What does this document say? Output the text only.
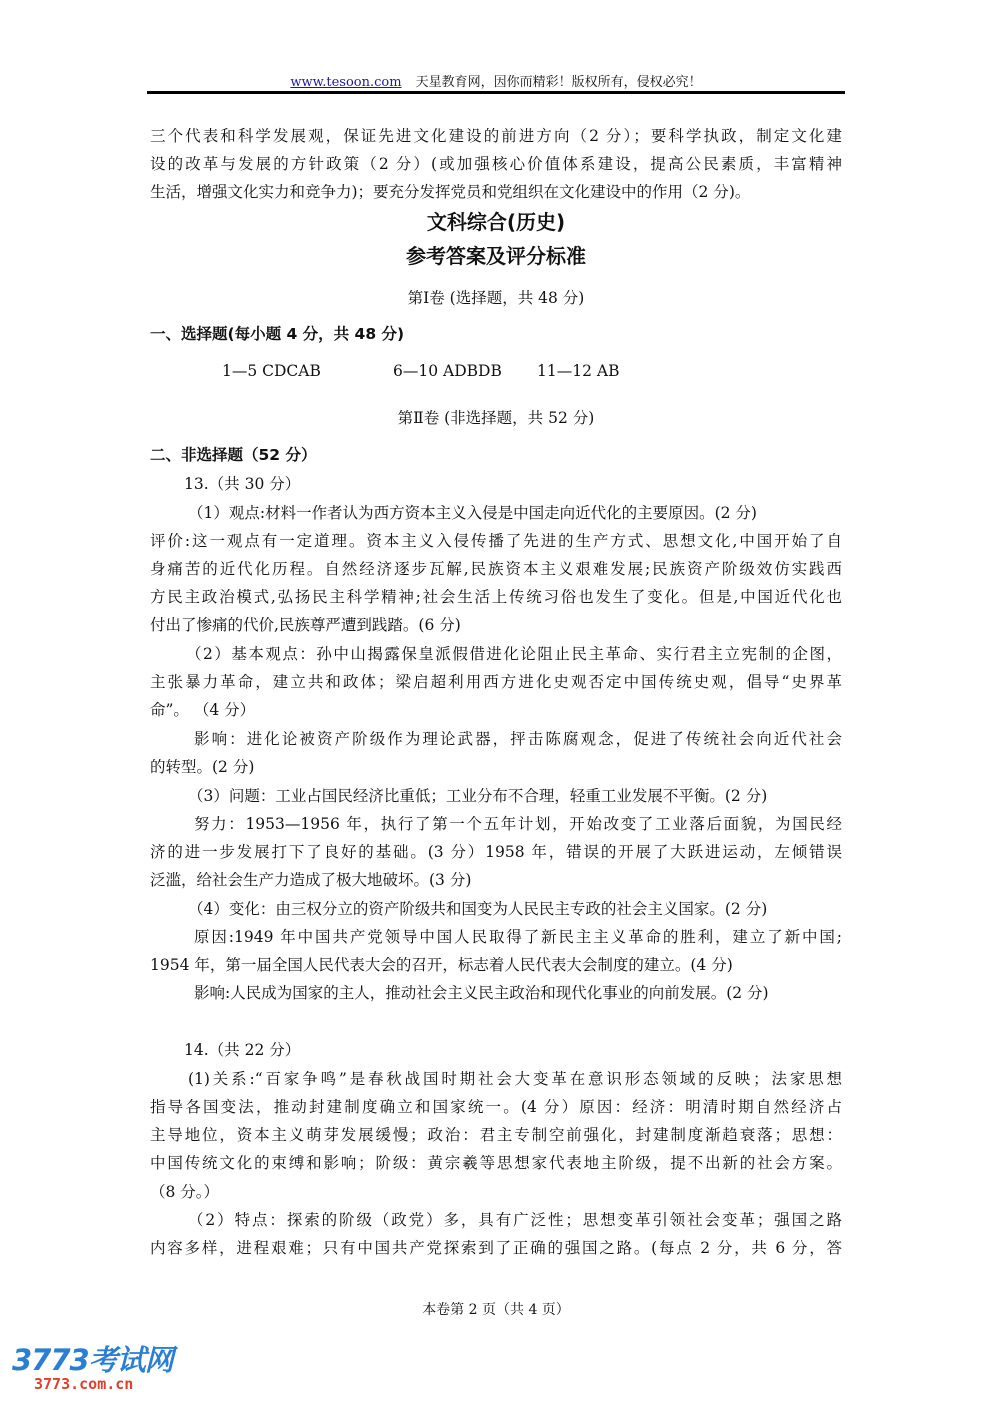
www.tesoon.com 天星教育网，因你而精彩！版权所有，侵权必究！
三个代表和科学发展观，保证先进文化建设的前进方向（2 分）；要科学执政，制定文化建
设的改革与发展的方针政策（2 分）(或加强核心价值体系建设，提高公民素质，丰富精神
生活，增强文化实力和竞争力)；要充分发挥党员和党组织在文化建设中的作用（2 分)。
文科综合(历史)
参考答案及评分标准
第Ⅰ卷 (选择题，共 48 分)
一、选择题(每小题 4 分，共 48 分)
1—5 CDCAB	6—10 ADBDB	11—12 AB
第Ⅱ卷 (非选择题，共 52 分)
二、非选择题（52 分）
13.（共 30 分）
（1）观点:材料一作者认为西方资本主义入侵是中国走向近代化的主要原因。(2 分)
评价:这一观点有一定道理。资本主义入侵传播了先进的生产方式、思想文化,中国开始了自
身痛苦的近代化历程。自然经济逐步瓦解,民族资本主义艰难发展;民族资产阶级效仿实践西
方民主政治模式,弘扬民主科学精神;社会生活上传统习俗也发生了变化。但是,中国近代化也
付出了惨痛的代价,民族尊严遭到践踏。(6 分)
（2）基本观点：孙中山揭露保皇派假借进化论阻止民主革命、实行君主立宪制的企图，
主张暴力革命，建立共和政体；梁启超利用西方进化史观否定中国传统史观，倡导“史界革
命”。 （4 分）
影响：进化论被资产阶级作为理论武器，抨击陈腐观念，促进了传统社会向近代社会
的转型。(2 分)
（3）问题：工业占国民经济比重低；工业分布不合理，轻重工业发展不平衡。(2 分)
努力：1953—1956 年，执行了第一个五年计划，开始改变了工业落后面貌，为国民经
济的进一步发展打下了良好的基础。(3 分）1958 年，错误的开展了大跃进运动，左倾错误
泛滥，给社会生产力造成了极大地破坏。(3 分)
（4）变化：由三权分立的资产阶级共和国变为人民民主专政的社会主义国家。(2 分)
原因:1949 年中国共产党领导中国人民取得了新民主主义革命的胜利，建立了新中国;
1954 年，第一届全国人民代表大会的召开，标志着人民代表大会制度的建立。(4 分)
影响:人民成为国家的主人，推动社会主义民主政治和现代化事业的向前发展。(2 分)
14.（共 22 分）
(1)关系:“百家争鸣”是春秋战国时期社会大变革在意识形态领域的反映；法家思想
指导各国变法，推动封建制度确立和国家统一。(4 分）原因：经济：明清时期自然经济占
主导地位，资本主义萌芽发展缓慢；政治：君主专制空前强化，封建制度渐趋衰落；思想：
中国传统文化的束缚和影响；阶级：黄宗羲等思想家代表地主阶级，提不出新的社会方案。
（8 分。）
（2）特点：探索的阶级（政党）多，具有广泛性；思想变革引领社会变革；强国之路
内容多样，进程艰难；只有中国共产党探索到了正确的强国之路。(每点 2 分，共 6 分，答
本卷第 2 页（共 4 页）
3773考试网
3773.com.cn
